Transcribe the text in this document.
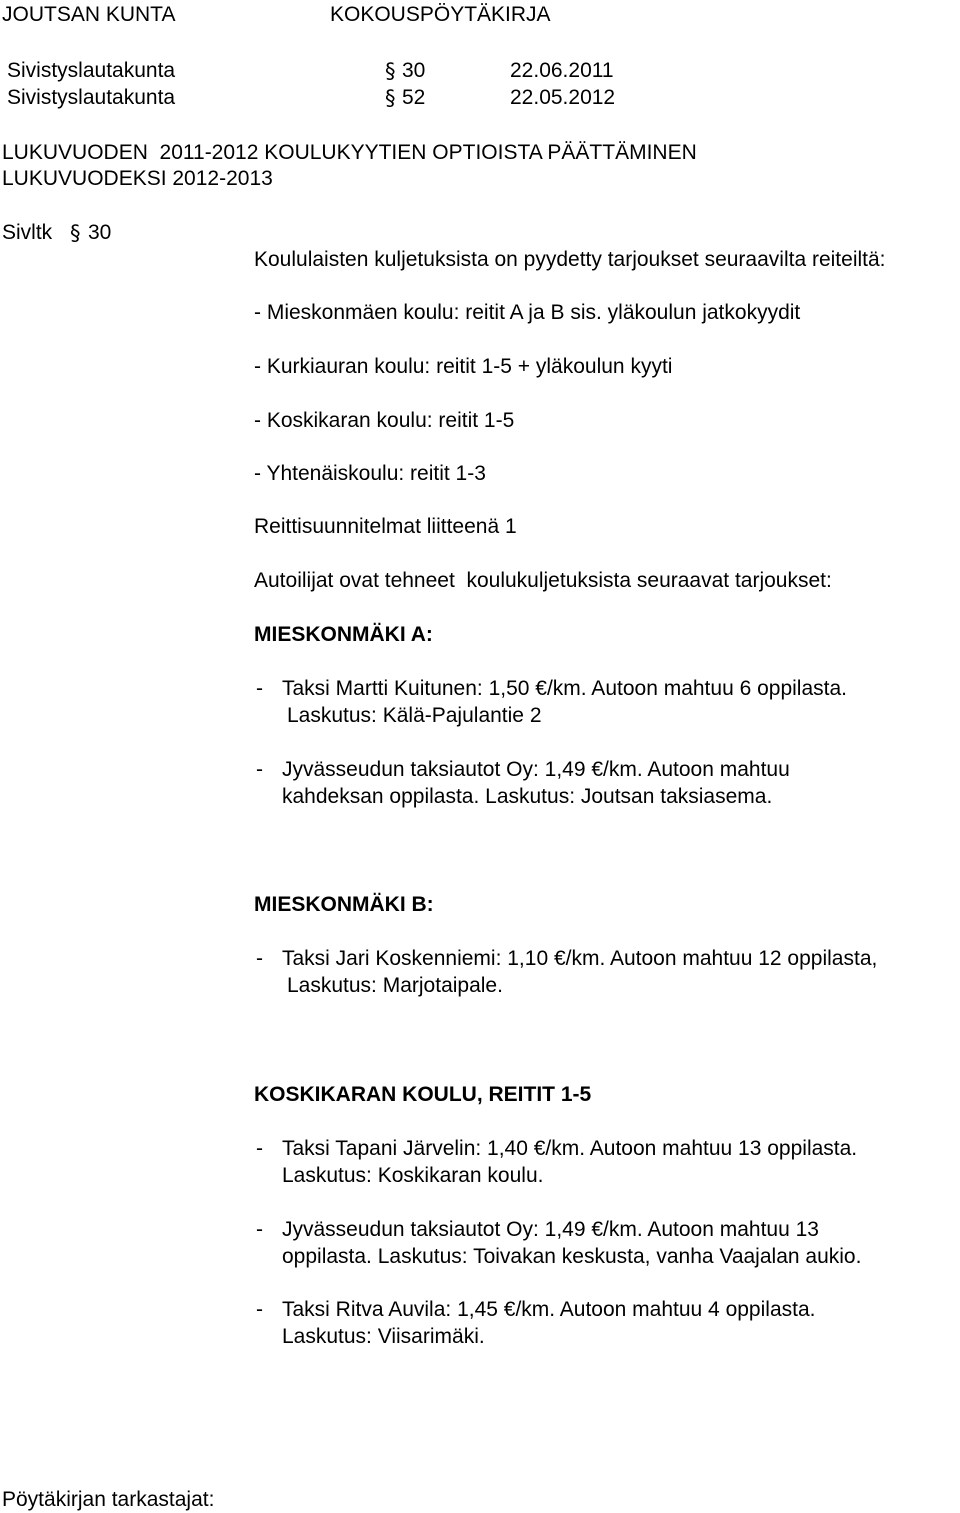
JOUTSAN KUNTA	KOKOUSPÖYTÄKIRJA
Sivistyslautakunta	§ 30	22.06.2011
Sivistyslautakunta	§ 52	22.05.2012
LUKUVUODEN  2011-2012 KOULUKYYTIEN OPTIOISTA PÄÄTTÄMINEN
LUKUVUODEKSI 2012-2013
Sivltk § 30
Koululaisten kuljetuksista on pyydetty tarjoukset seuraavilta reiteiltä:
- Mieskonmäen koulu: reitit A ja B sis. yläkoulun jatkokyydit
- Kurkiauran koulu: reitit 1-5 + yläkoulun kyyti
- Koskikaran koulu: reitit 1-5
- Yhtenäiskoulu: reitit 1-3
Reittisuunnitelmat liitteenä 1
Autoilijat ovat tehneet  koulukuljetuksista seuraavat tarjoukset:
MIESKONMÄKI A:
- Taksi Martti Kuitunen: 1,50 €/km. Autoon mahtuu 6 oppilasta.
Laskutus: Kälä-Pajulantie 2
- Jyvässeudun taksiautot Oy: 1,49 €/km. Autoon mahtuu
kahdeksan oppilasta. Laskutus: Joutsan taksiasema.
MIESKONMÄKI B:
- Taksi Jari Koskenniemi: 1,10 €/km. Autoon mahtuu 12 oppilasta,
Laskutus: Marjotaipale.
KOSKIKARAN KOULU, REITIT 1-5
- Taksi Tapani Järvelin: 1,40 €/km. Autoon mahtuu 13 oppilasta.
Laskutus: Koskikaran koulu.
- Jyvässeudun taksiautot Oy: 1,49 €/km. Autoon mahtuu 13
oppilasta. Laskutus: Toivakan keskusta, vanha Vaajalan aukio.
- Taksi Ritva Auvila: 1,45 €/km. Autoon mahtuu 4 oppilasta.
Laskutus: Viisarimäki.
Pöytäkirjan tarkastajat:
